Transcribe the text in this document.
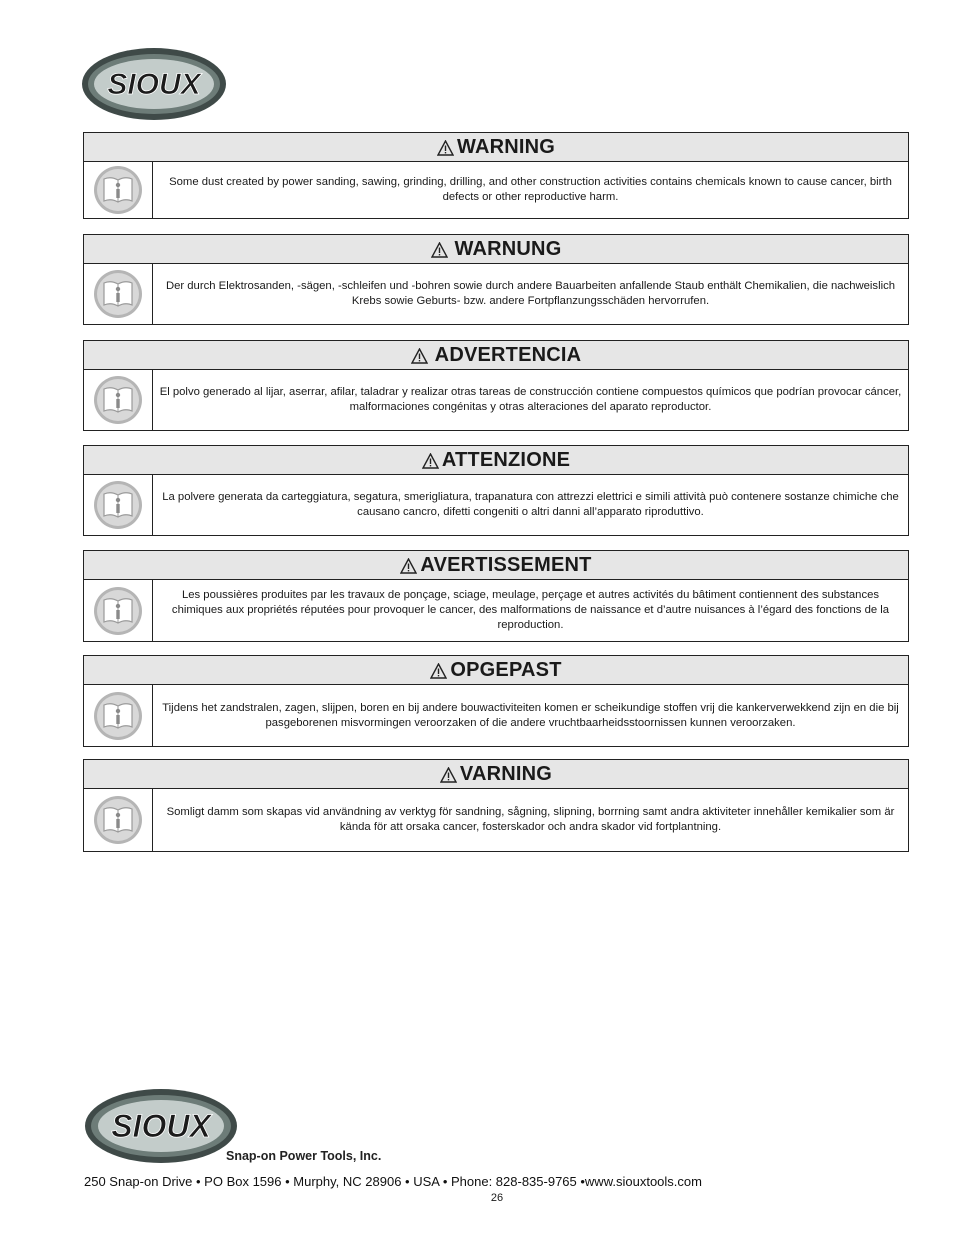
SIOUX
WARNING
Some dust created by power sanding, sawing, grinding, drilling, and other construction activities contains chemicals known to cause cancer, birth defects or other reproductive harm.
WARNUNG
Der durch Elektrosanden, -sägen, -schleifen und -bohren sowie durch andere Bauarbeiten anfallende Staub enthält Chemikalien, die nachweislich Krebs sowie Geburts- bzw. andere Fortpflanzungsschäden hervorrufen.
ADVERTENCIA
El polvo generado al lijar, aserrar, afilar, taladrar y realizar otras tareas de construcción contiene compuestos químicos que podrían provocar cáncer, malformaciones congénitas y otras alteraciones del aparato reproductor.
ATTENZIONE
La polvere generata da carteggiatura, segatura, smerigliatura, trapanatura con attrezzi elettrici e simili attività può contenere sostanze chimiche che causano cancro, difetti congeniti o altri danni all’apparato riproduttivo.
AVERTISSEMENT
Les poussières produites par les travaux de ponçage, sciage, meulage, perçage et autres activités du bâtiment contiennent des substances chimiques aux propriétés réputées pour provoquer le cancer, des malformations de naissance et d’autre nuisances à l’égard des fonctions de la reproduction.
OPGEPAST
Tijdens het zandstralen, zagen, slijpen, boren en bij andere bouwactiviteiten komen er scheikundige stoffen vrij die kankerverwekkend zijn en die bij pasgeborenen misvormingen veroorzaken of die andere vruchtbaarheidsstoornissen kunnen veroorzaken.
VARNING
Somligt damm som skapas vid användning av verktyg för sandning, sågning, slipning, borrning samt andra aktiviteter innehåller kemikalier som är kända för att orsaka cancer, fosterskador och andra skador vid fortplantning.
SIOUX
Snap-on Power Tools, Inc.
250 Snap-on Drive • PO Box 1596 • Murphy, NC 28906 • USA • Phone: 828-835-9765 •www.siouxtools.com
26
